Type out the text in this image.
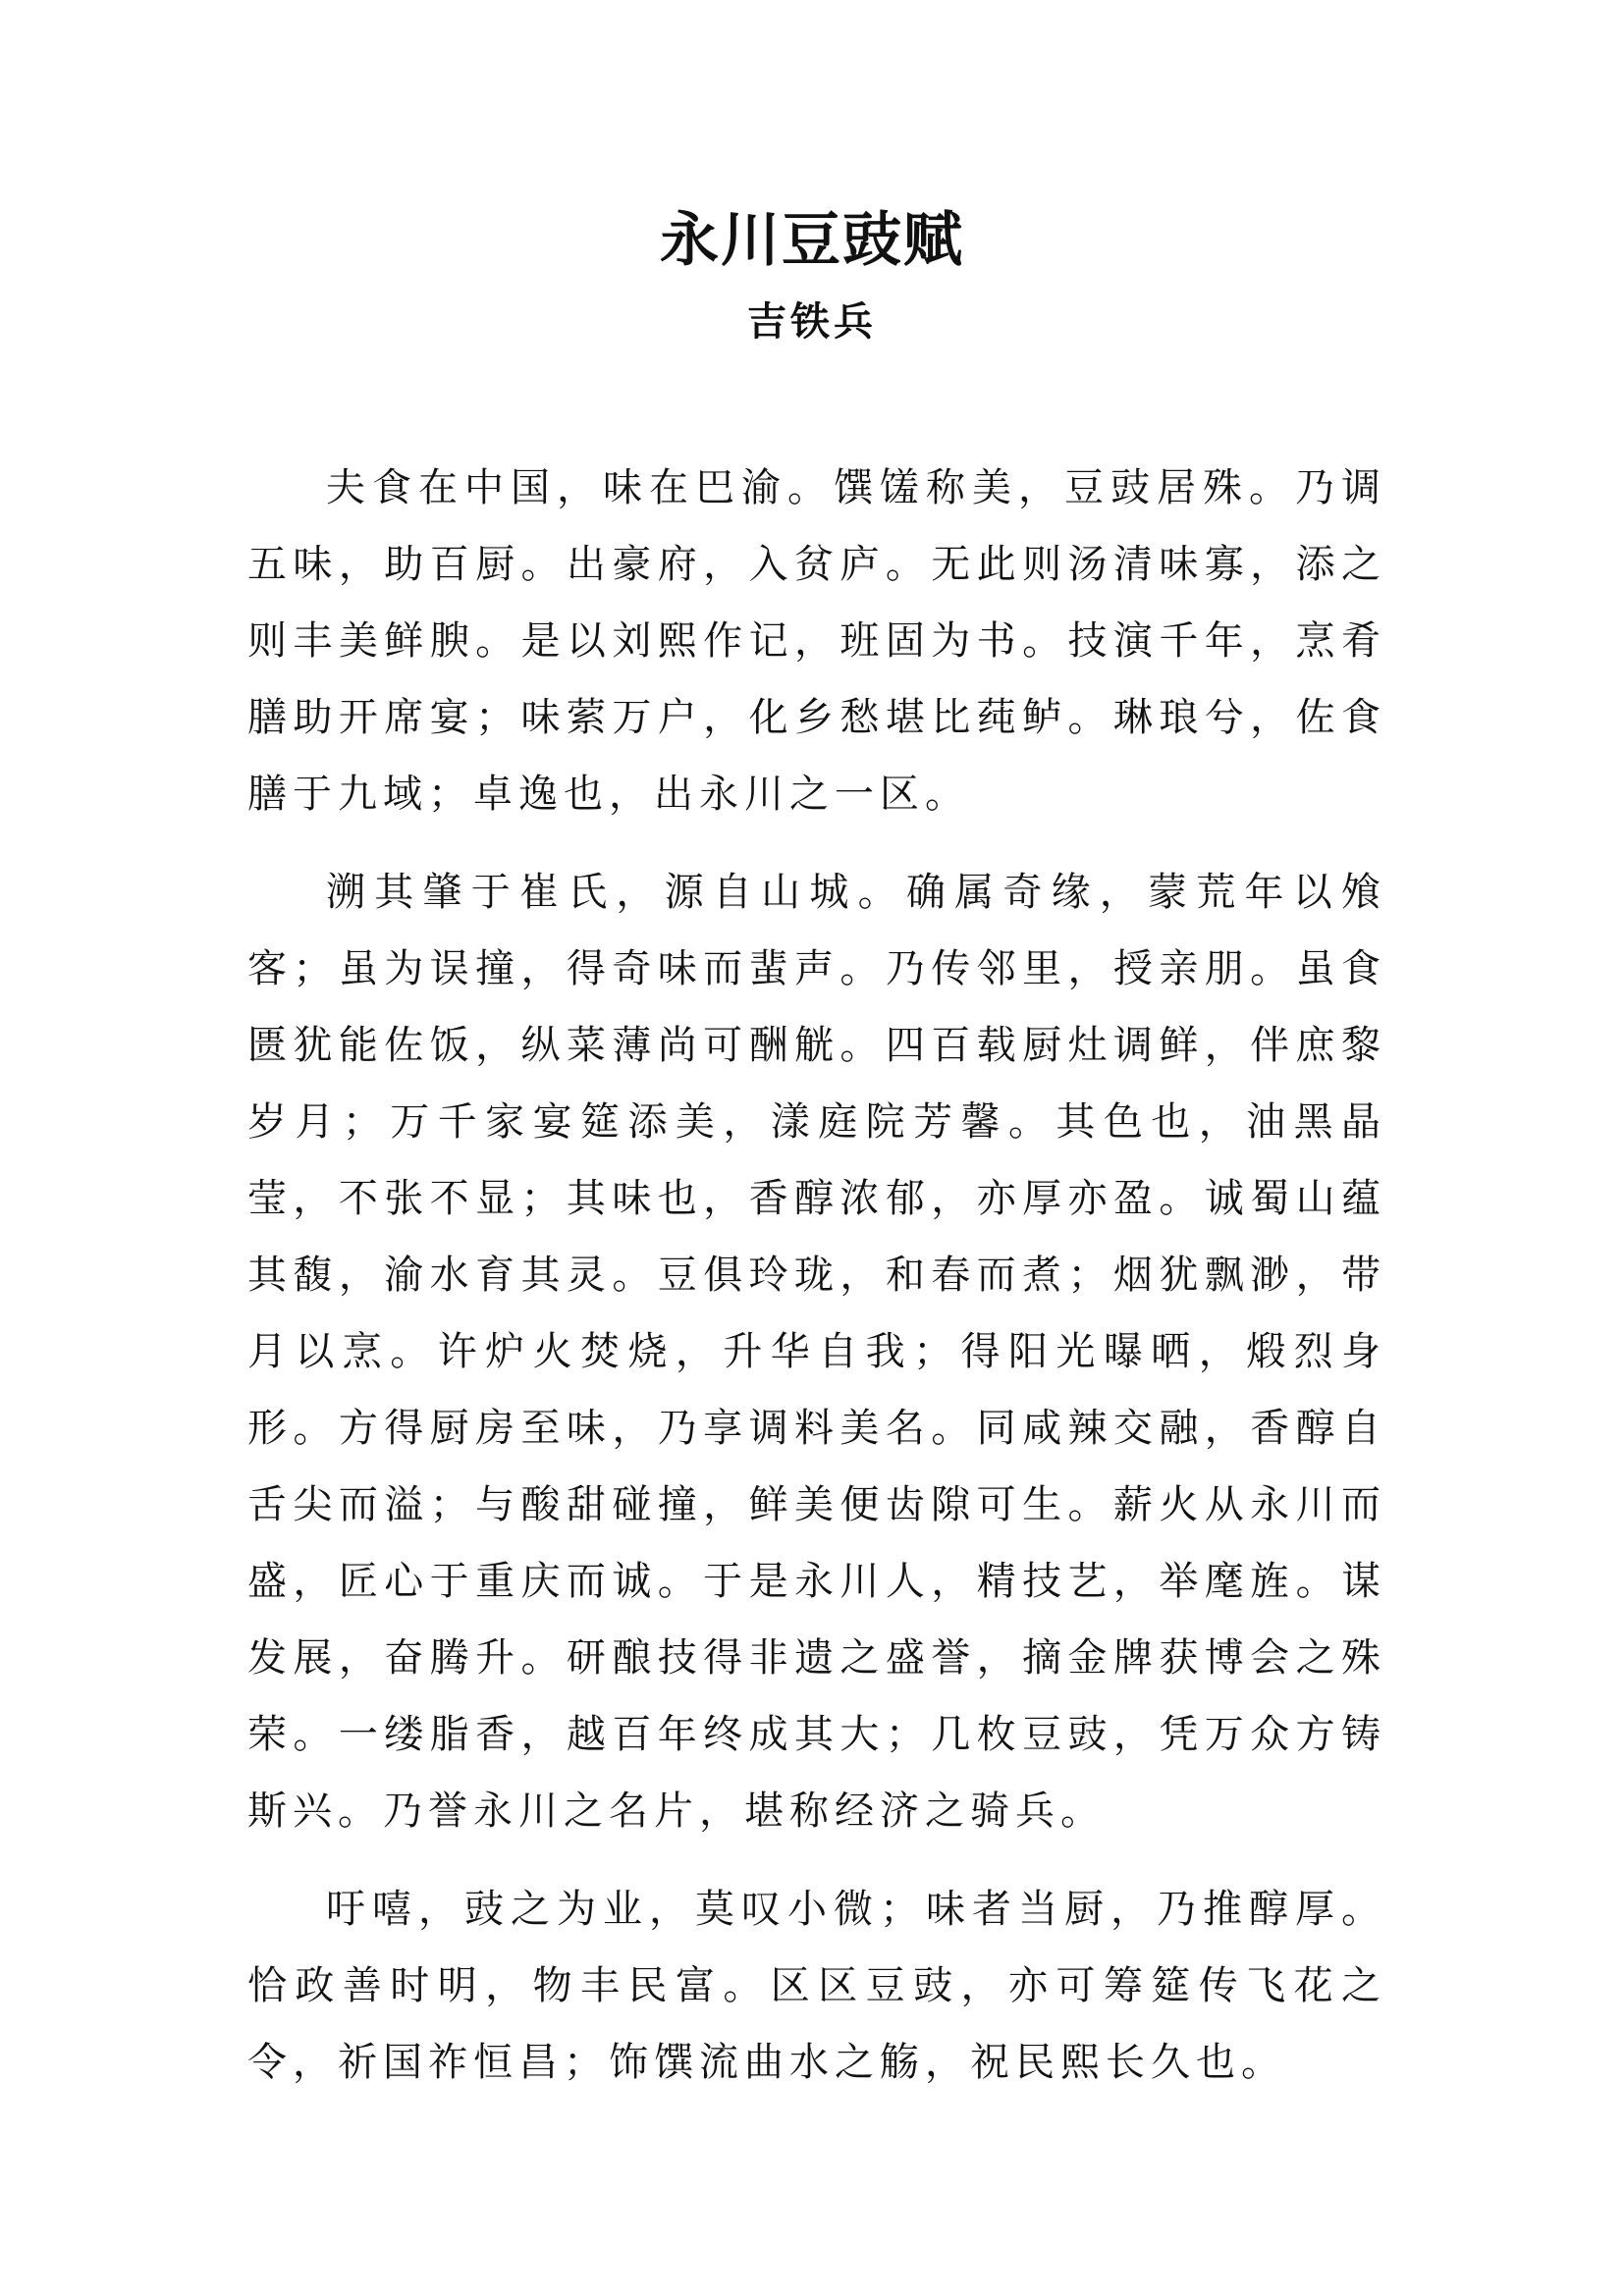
永川豆豉赋
吉铁兵

夫食在中国，味在巴渝。馔馐称美，豆豉居殊。乃调五味，助百厨。出豪府，入贫庐。无此则汤清味寡，添之则丰美鲜腴。是以刘熙作记，班固为书。技演千年，烹肴膳助开席宴；味萦万户，化乡愁堪比莼鲈。琳琅兮，佐食膳于九域；卓逸也，出永川之一区。

溯其肇于崔氏，源自山城。确属奇缘，蒙荒年以飧客；虽为误撞，得奇味而蜚声。乃传邻里，授亲朋。虽食匮犹能佐饭，纵菜薄尚可酬觥。四百载厨灶调鲜，伴庶黎岁月；万千家宴筵添美，漾庭院芳馨。其色也，油黑晶莹，不张不显；其味也，香醇浓郁，亦厚亦盈。诚蜀山蕴其馥，渝水育其灵。豆俱玲珑，和春而煮；烟犹飘渺，带月以烹。许炉火焚烧，升华自我；得阳光曝晒，煅烈身形。方得厨房至味，乃享调料美名。同咸辣交融，香醇自舌尖而溢；与酸甜碰撞，鲜美便齿隙可生。薪火从永川而盛，匠心于重庆而诚。于是永川人，精技艺，举麾旌。谋发展，奋腾升。研酿技得非遗之盛誉，摘金牌获博会之殊荣。一缕脂香，越百年终成其大；几枚豆豉，凭万众方铸斯兴。乃誉永川之名片，堪称经济之骑兵。

吁嘻，豉之为业，莫叹小微；味者当厨，乃推醇厚。恰政善时明，物丰民富。区区豆豉，亦可筹筵传飞花之令，祈国祚恒昌；饰馔流曲水之觞，祝民熙长久也。
